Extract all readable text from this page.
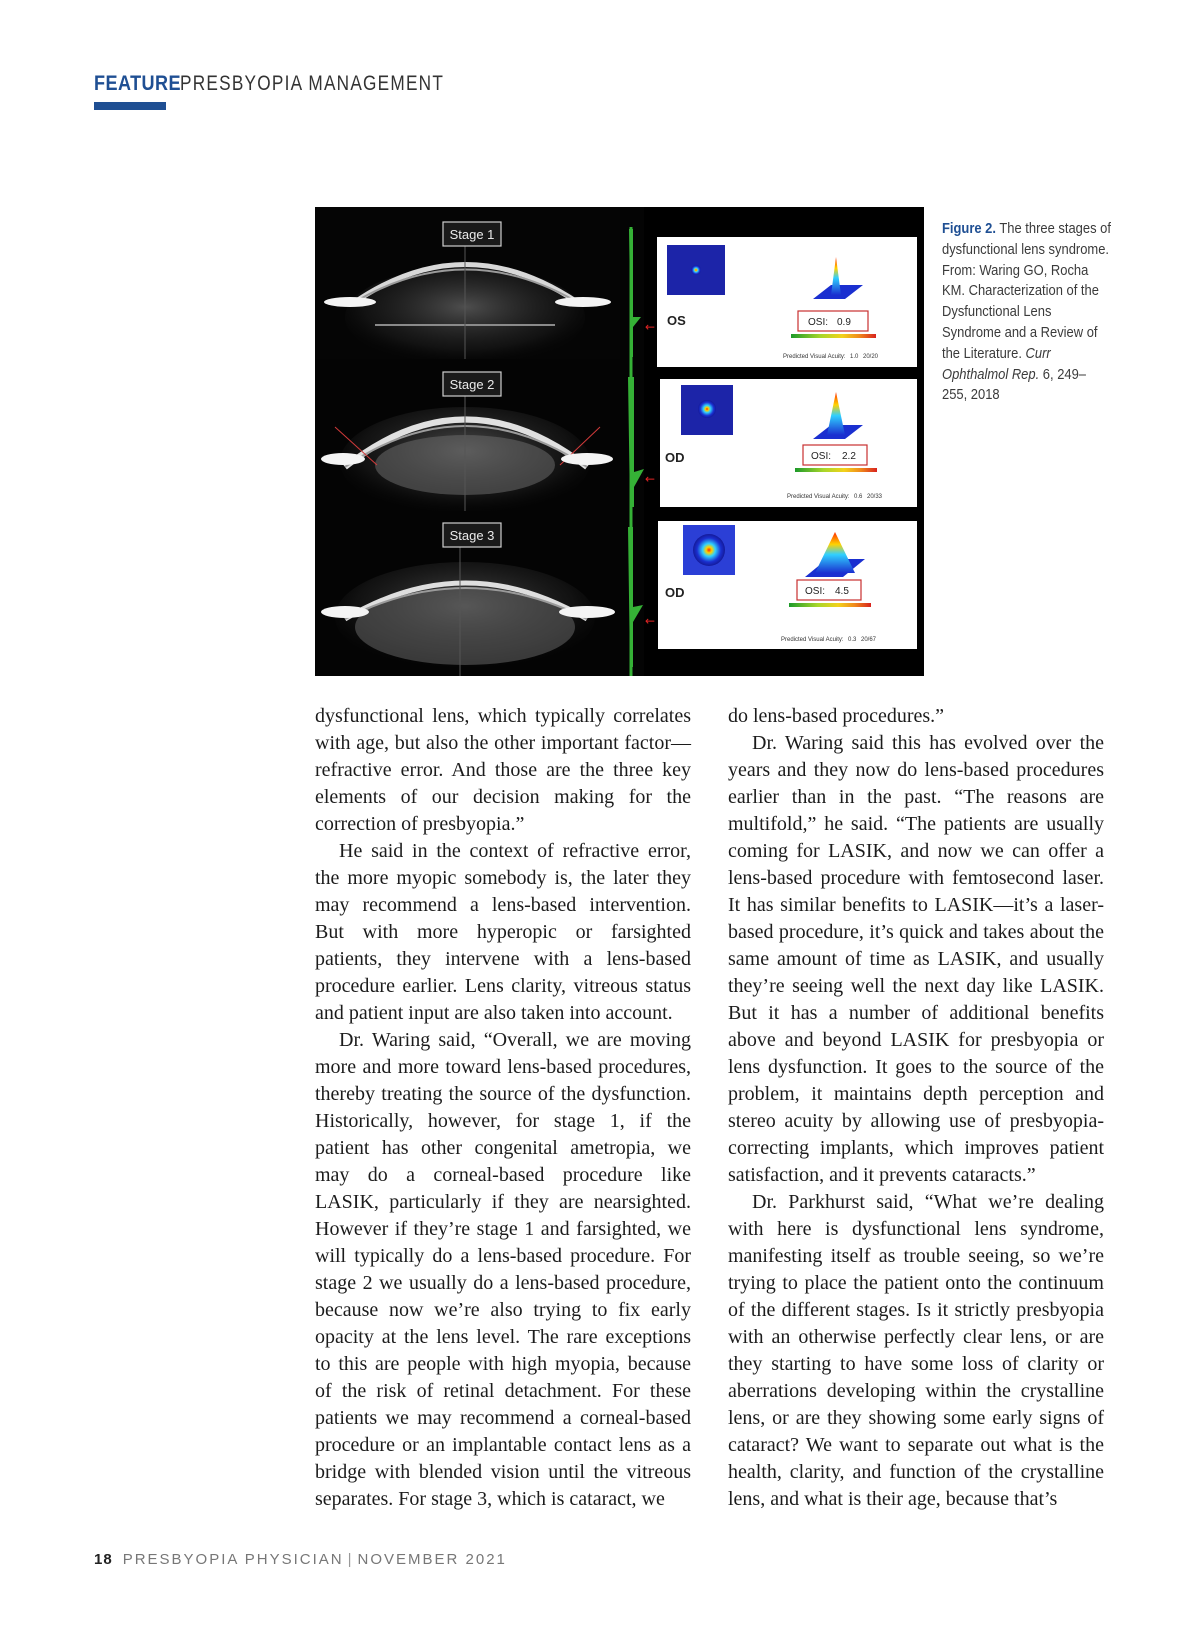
FEATURE PRESBYOPIA MANAGEMENT
Stage 1
Stage 2
Stage 3
←
←
←
OS	OSI: 0.9
Predicted Visual Acuity: 1.0 20/20
OD	OSI: 2.2
Predicted Visual Acuity: 0.6 20/33
OD	OSI: 4.5
Predicted Visual Acuity: 0.3 20/67
Figure 2. The three stages of dysfunctional lens syndrome. From: Waring GO, Rocha KM. Characterization of the Dysfunctional Lens Syndrome and a Review of the Literature. Curr Ophthalmol Rep. 6, 249–255, 2018

dysfunctional lens, which typically correlates with age, but also the other important factor—refractive error. And those are the three key elements of our decision making for the correction of presbyopia.”

He said in the context of refractive error, the more myopic somebody is, the later they may recommend a lens-based intervention. But with more hyperopic or farsighted patients, they intervene with a lens-based procedure earlier. Lens clarity, vitreous status and patient input are also taken into account.

Dr. Waring said, “Overall, we are moving more and more toward lens-based procedures, thereby treating the source of the dysfunction. Historically, however, for stage 1, if the patient has other congenital ametropia, we may do a corneal-based procedure like LASIK, particularly if they are nearsighted. However if they’re stage 1 and farsighted, we will typically do a lens-based procedure. For stage 2 we usually do a lens-based procedure, because now we’re also trying to fix early opacity at the lens level. The rare exceptions to this are people with high myopia, because of the risk of retinal detachment. For these patients we may recommend a corneal-based procedure or an implantable contact lens as a bridge with blended vision until the vitreous separates. For stage 3, which is cataract, we

do lens-based procedures.”

Dr. Waring said this has evolved over the years and they now do lens-based procedures earlier than in the past. “The reasons are multifold,” he said. “The patients are usually coming for LASIK, and now we can offer a lens-based procedure with femtosecond laser. It has similar benefits to LASIK—it’s a laser-based procedure, it’s quick and takes about the same amount of time as LASIK, and usually they’re seeing well the next day like LASIK. But it has a number of additional benefits above and beyond LASIK for presbyopia or lens dysfunction. It goes to the source of the problem, it maintains depth perception and stereo acuity by allowing use of presbyopia-correcting implants, which improves patient satisfaction, and it prevents cataracts.”

Dr. Parkhurst said, “What we’re dealing with here is dysfunctional lens syndrome, manifesting itself as trouble seeing, so we’re trying to place the patient onto the continuum of the different stages. Is it strictly presbyopia with an otherwise perfectly clear lens, or are they starting to have some loss of clarity or aberrations developing within the crystalline lens, or are they showing some early signs of cataract? We want to separate out what is the health, clarity, and function of the crystalline lens, and what is their age, because that’s

18 PRESBYOPIA PHYSICIAN | NOVEMBER 2021
